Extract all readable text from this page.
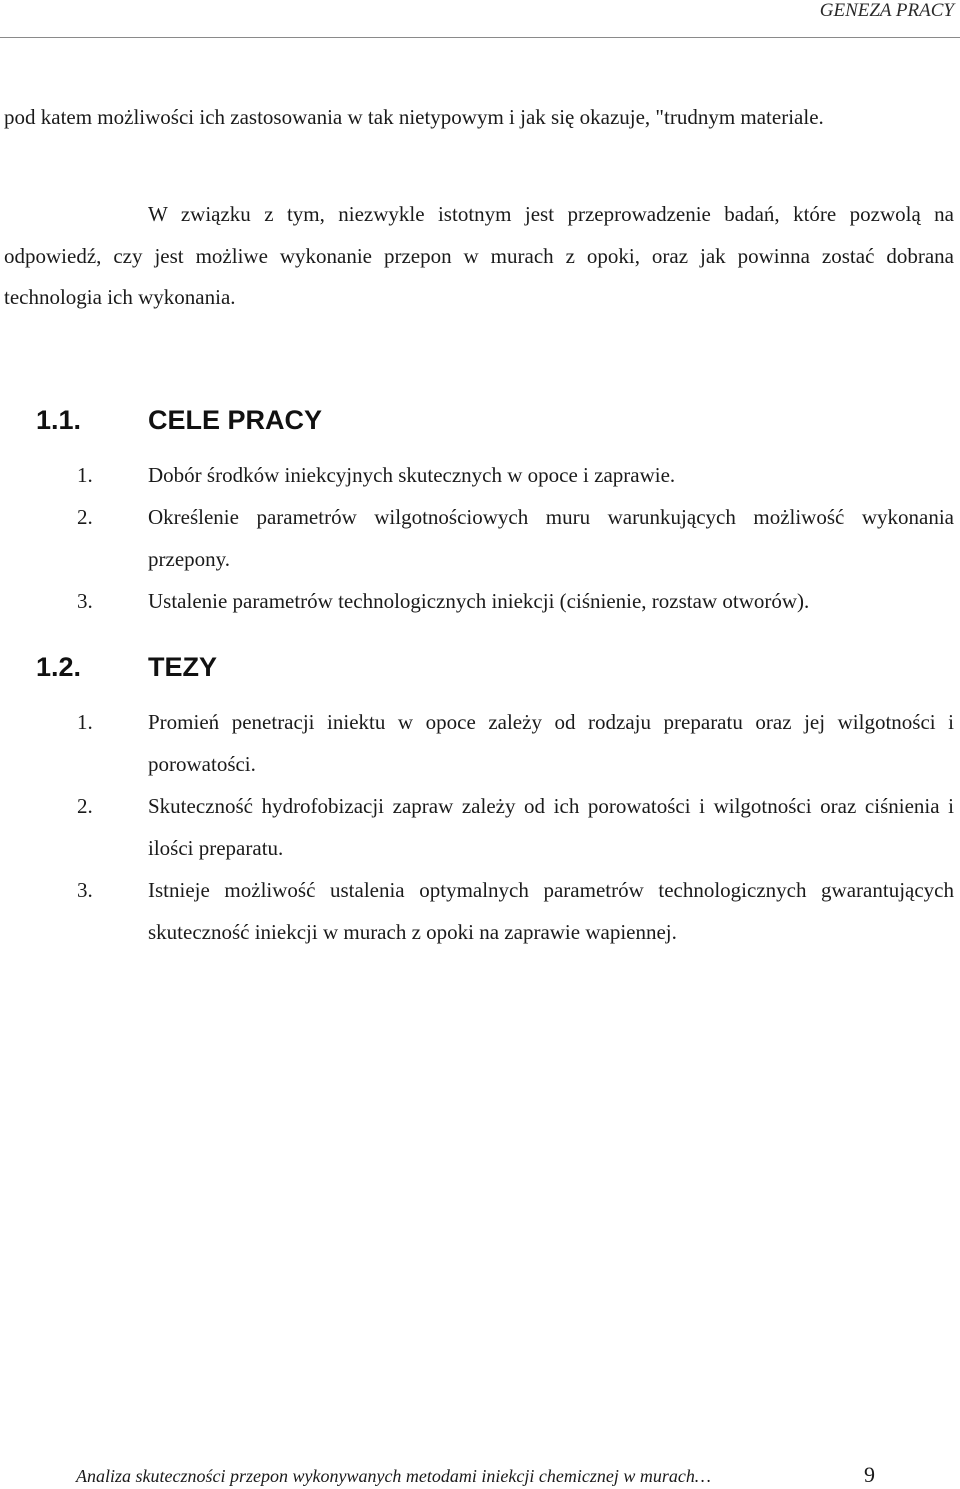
GENEZA PRACY

pod katem możliwości ich zastosowania w tak nietypowym i jak się okazuje, "trudnym materiale.

W związku z tym, niezwykle istotnym jest przeprowadzenie badań, które pozwolą na odpowiedź, czy jest możliwe wykonanie przepon w murach z opoki, oraz jak powinna zostać dobrana technologia ich wykonania.

1.1. CELE PRACY
1.	Dobór środków iniekcyjnych skutecznych w opoce i zaprawie.
2.	Określenie parametrów wilgotnościowych muru warunkujących możliwość wykonania przepony.
3.	Ustalenie parametrów technologicznych iniekcji (ciśnienie, rozstaw otworów).
1.2. TEZY
1.	Promień penetracji iniektu w opoce zależy od rodzaju preparatu oraz jej wilgotności i porowatości.
2.	Skuteczność hydrofobizacji zapraw zależy od ich porowatości i wilgotności oraz ciśnienia i ilości preparatu.
3.	Istnieje możliwość ustalenia optymalnych parametrów technologicznych gwarantujących skuteczność iniekcji w murach z opoki na zaprawie wapiennej.
Analiza skuteczności przepon wykonywanych metodami iniekcji chemicznej w murach…	9
